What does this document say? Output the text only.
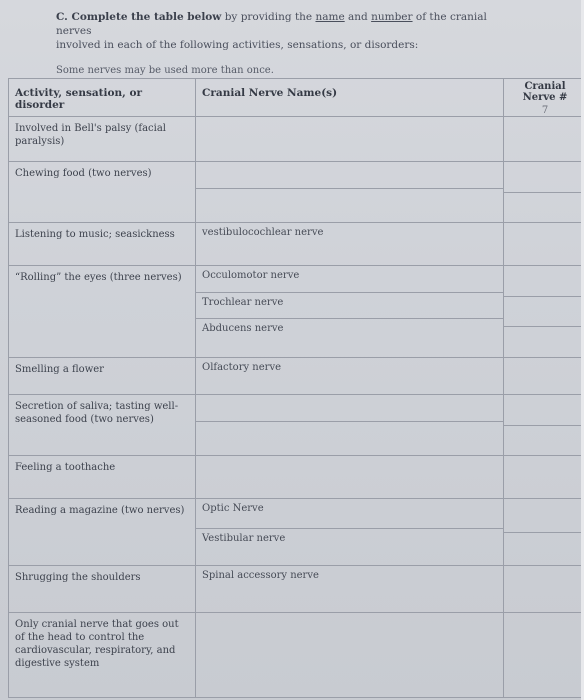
C. Complete the table below by providing the name and number of the cranial nerves
involved in each of the following activities, sensations, or disorders:
Some nerves may be used more than once.
Activity, sensation, or disorder	Cranial Nerve Name(s)	Cranial Nerve #
7

Involved in Bell's palsy (facial paralysis)	

Chewing food (two nerves)	

Listening to music; seasickness	vestibulocochlear nerve	

“Rolling” the eyes (three nerves)	Occulomotor nerve
Trochlear nerve
Abducens nerve	

Smelling a flower	Olfactory nerve	

Secretion of saliva; tasting well-seasoned food (two nerves)	

Feeling a toothache	

Reading a magazine (two nerves)	Optic Nerve
Vestibular nerve	

Shrugging the shoulders	Spinal accessory nerve	

Only cranial nerve that goes out of the head to control the cardiovascular, respiratory, and digestive system	
